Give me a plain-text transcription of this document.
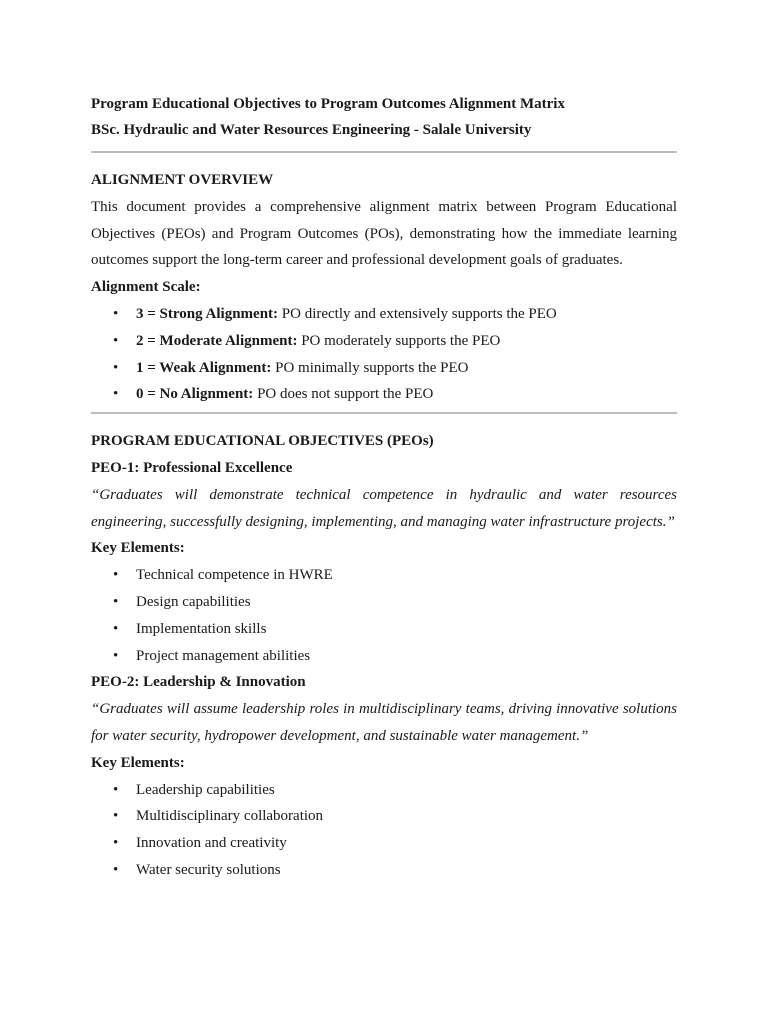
Program Educational Objectives to Program Outcomes Alignment Matrix

BSc. Hydraulic and Water Resources Engineering - Salale University

ALIGNMENT OVERVIEW

This document provides a comprehensive alignment matrix between Program Educational Objectives (PEOs) and Program Outcomes (POs), demonstrating how the immediate learning outcomes support the long-term career and professional development goals of graduates.

Alignment Scale:

• 3 = Strong Alignment: PO directly and extensively supports the PEO
• 2 = Moderate Alignment: PO moderately supports the PEO
• 1 = Weak Alignment: PO minimally supports the PEO
• 0 = No Alignment: PO does not support the PEO

PROGRAM EDUCATIONAL OBJECTIVES (PEOs)

PEO-1: Professional Excellence

“Graduates will demonstrate technical competence in hydraulic and water resources engineering, successfully designing, implementing, and managing water infrastructure projects.”

Key Elements:

• Technical competence in HWRE
• Design capabilities
• Implementation skills
• Project management abilities

PEO-2: Leadership & Innovation

“Graduates will assume leadership roles in multidisciplinary teams, driving innovative solutions for water security, hydropower development, and sustainable water management.”

Key Elements:

• Leadership capabilities
• Multidisciplinary collaboration
• Innovation and creativity
• Water security solutions
